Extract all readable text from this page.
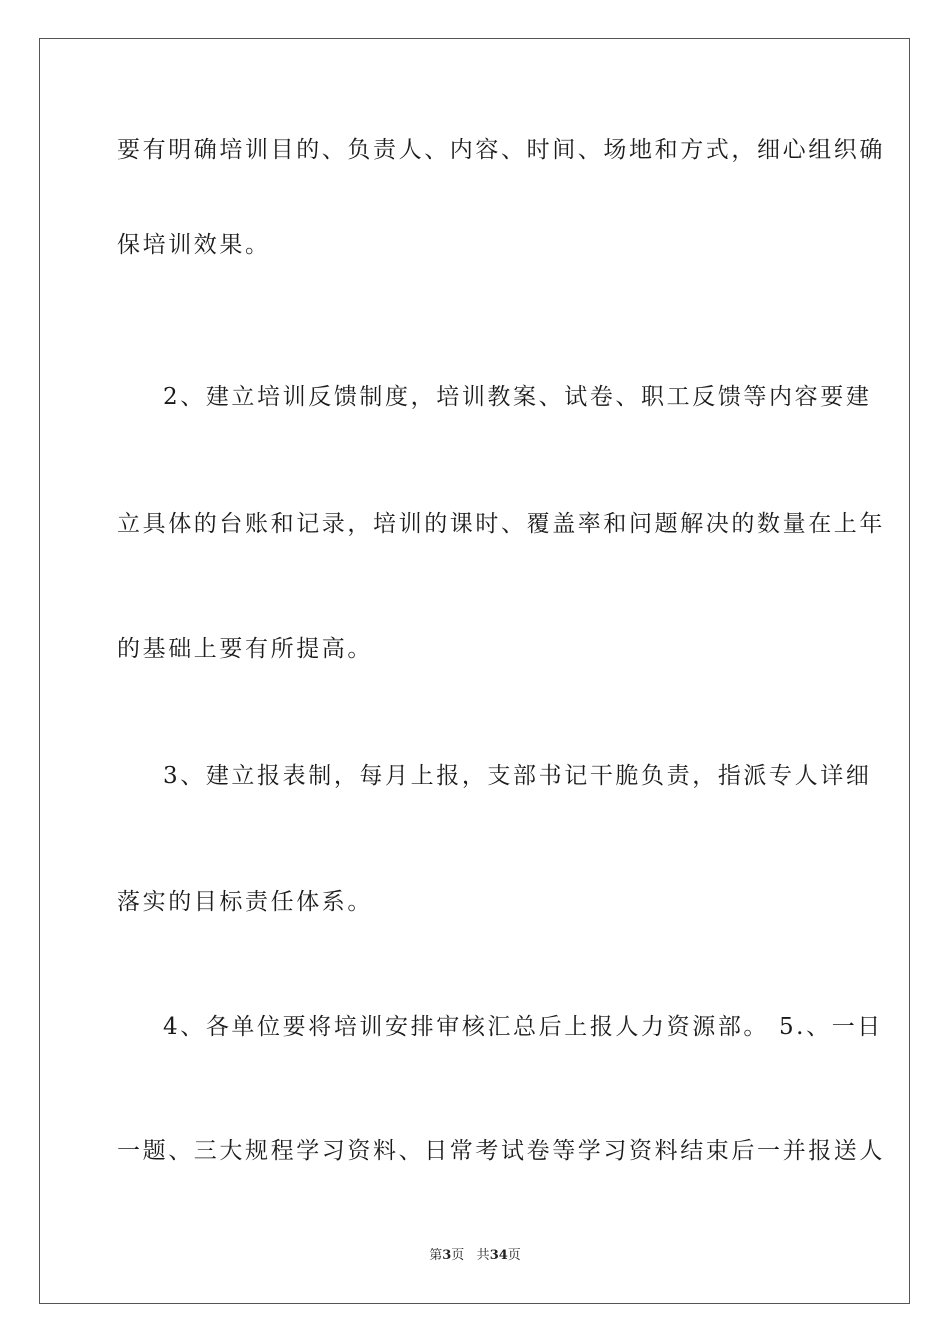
要有明确培训目的、负责人、内容、时间、场地和方式，细心组织确
保培训效果。
2、建立培训反馈制度，培训教案、试卷、职工反馈等内容要建
立具体的台账和记录，培训的课时、覆盖率和问题解决的数量在上年
的基础上要有所提高。
3、建立报表制，每月上报，支部书记干脆负责，指派专人详细
落实的目标责任体系。
4、各单位要将培训安排审核汇总后上报人力资源部。 5.、一日
一题、三大规程学习资料、日常考试卷等学习资料结束后一并报送人
第3页 共34页
